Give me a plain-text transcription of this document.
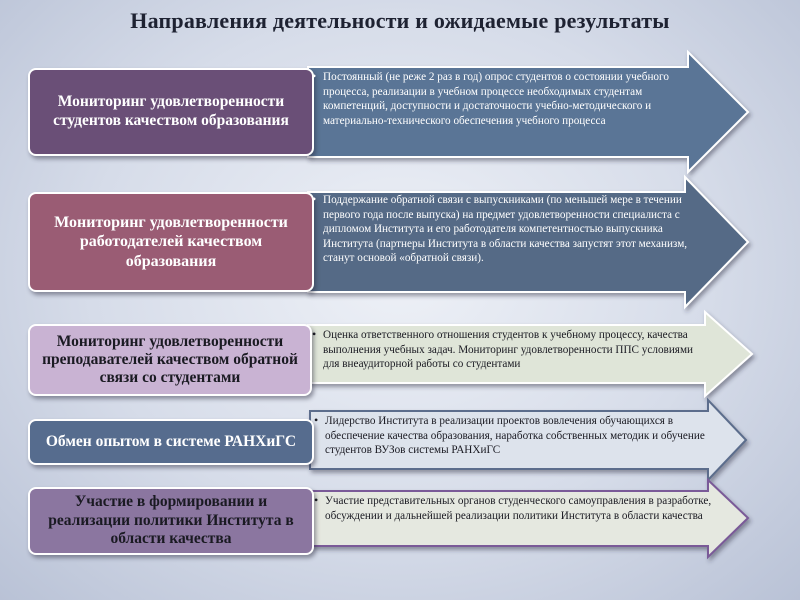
Направления деятельности и ожидаемые результаты
Мониторинг удовлетворенности студентов качеством образования
• Постоянный (не реже 2 раз в год) опрос студентов о состоянии учебного процесса, реализации в учебном процессе необходимых студентам компетенций, доступности и достаточности учебно-методического и материально-технического обеспечения учебного процесса
Мониторинг удовлетворенности работодателей качеством образования
• Поддержание обратной связи с выпускниками (по меньшей мере в течении первого года после выпуска) на предмет удовлетворенности специалиста с дипломом Института и его работодателя компетентностью выпускника Института (партнеры Института в области качества запустят этот механизм, станут основой «обратной связи).
Мониторинг удовлетворенности преподавателей качеством обратной связи со студентами
• Оценка ответственного отношения студентов к учебному процессу, качества выполнения учебных задач. Мониторинг удовлетворенности ППС условиями для внеаудиторной работы со студентами
Обмен опытом в системе РАНХиГС
• Лидерство Института в реализации проектов вовлечения обучающихся в обеспечение качества образования, наработка собственных методик и обучение студентов ВУЗов системы РАНХиГС
Участие в формировании и реализации политики Института в области качества
• Участие представительных органов студенческого самоуправления в разработке, обсуждении и дальнейшей реализации политики Института в области качества
